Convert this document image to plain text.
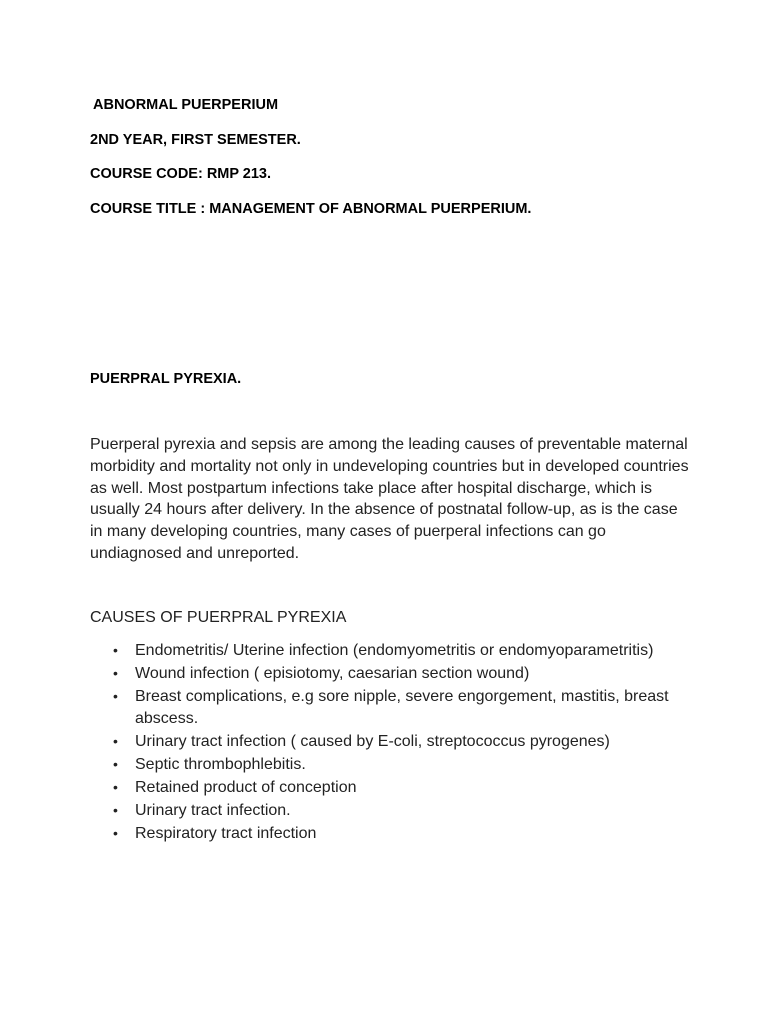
ABNORMAL PUERPERIUM

2ND YEAR, FIRST SEMESTER.

COURSE CODE: RMP 213.

COURSE TITLE : MANAGEMENT OF ABNORMAL PUERPERIUM.

PUERPRAL PYREXIA.

Puerperal pyrexia and sepsis are among the leading causes of preventable maternal morbidity and mortality not only in undeveloping countries but in developed countries as well. Most postpartum infections take place after hospital discharge, which is usually 24 hours after delivery. In the absence of postnatal follow-up, as is the case in many developing countries, many cases of puerperal infections can go undiagnosed and unreported.

CAUSES OF PUERPRAL PYREXIA

• Endometritis/ Uterine infection (endomyometritis or endomyoparametritis)
• Wound infection ( episiotomy, caesarian section wound)
• Breast complications, e.g sore nipple, severe engorgement, mastitis, breast abscess.
• Urinary tract infection ( caused by E-coli, streptococcus pyrogenes)
• Septic thrombophlebitis.
• Retained product of conception
• Urinary tract infection.
• Respiratory tract infection
